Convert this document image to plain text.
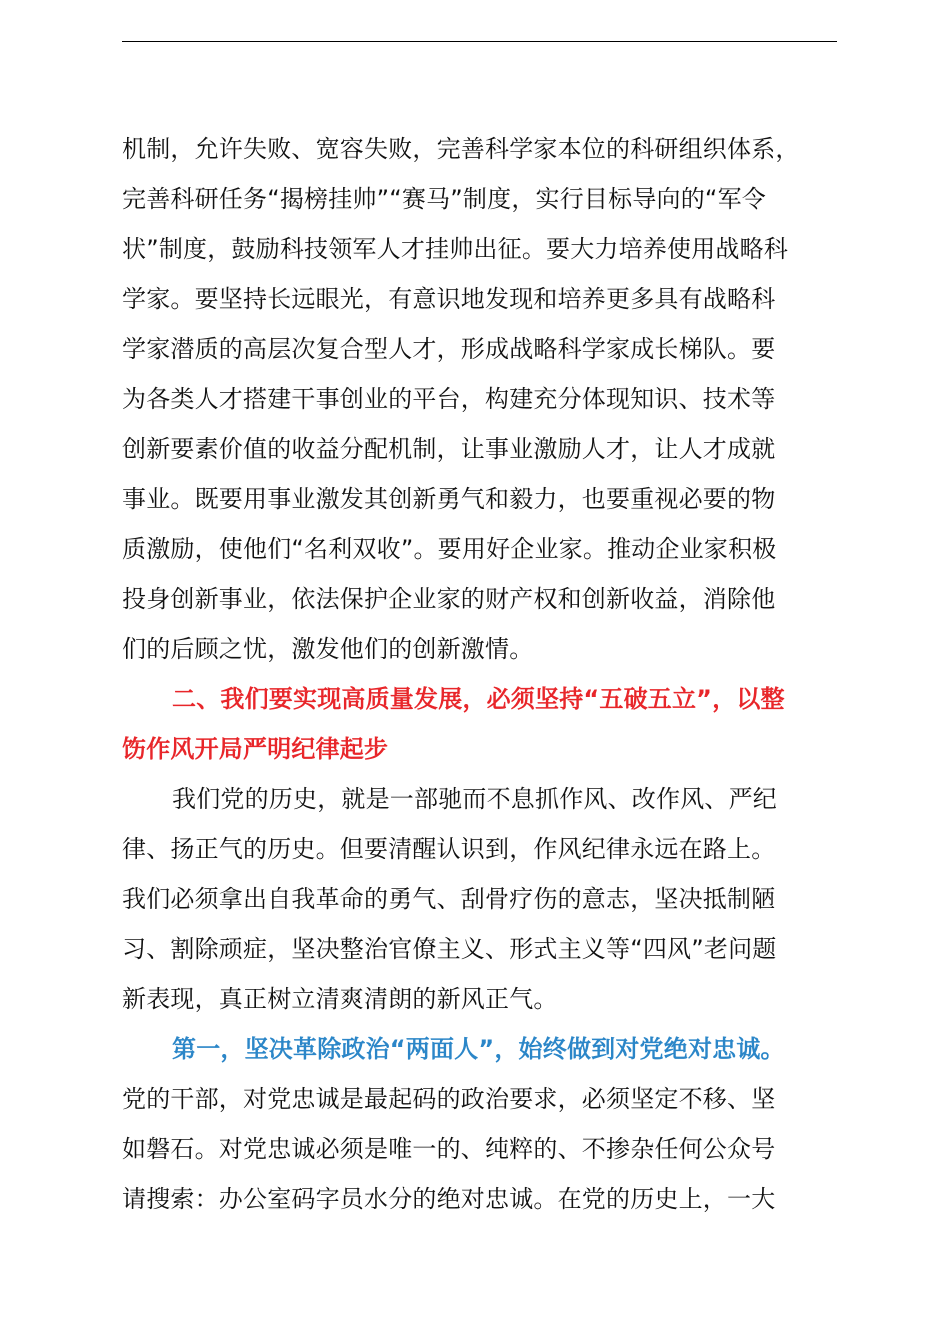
机制，允许失败、宽容失败，完善科学家本位的科研组织体系，
完善科研任务“揭榜挂帅”“赛马”制度，实行目标导向的“军令
状”制度，鼓励科技领军人才挂帅出征。要大力培养使用战略科
学家。要坚持长远眼光，有意识地发现和培养更多具有战略科
学家潜质的高层次复合型人才，形成战略科学家成长梯队。要
为各类人才搭建干事创业的平台，构建充分体现知识、技术等
创新要素价值的收益分配机制，让事业激励人才，让人才成就
事业。既要用事业激发其创新勇气和毅力，也要重视必要的物
质激励，使他们“名利双收”。要用好企业家。推动企业家积极
投身创新事业，依法保护企业家的财产权和创新收益，消除他
们的后顾之忧，激发他们的创新激情。
二、我们要实现高质量发展，必须坚持“五破五立”，以整
饬作风开局严明纪律起步
我们党的历史，就是一部驰而不息抓作风、改作风、严纪
律、扬正气的历史。但要清醒认识到，作风纪律永远在路上。
我们必须拿出自我革命的勇气、刮骨疗伤的意志，坚决抵制陋
习、割除顽症，坚决整治官僚主义、形式主义等“四风”老问题
新表现，真正树立清爽清朗的新风正气。
第一，坚决革除政治“两面人”，始终做到对党绝对忠诚。
党的干部，对党忠诚是最起码的政治要求，必须坚定不移、坚
如磐石。对党忠诚必须是唯一的、纯粹的、不掺杂任何公众号
请搜索：办公室码字员水分的绝对忠诚。在党的历史上，一大
